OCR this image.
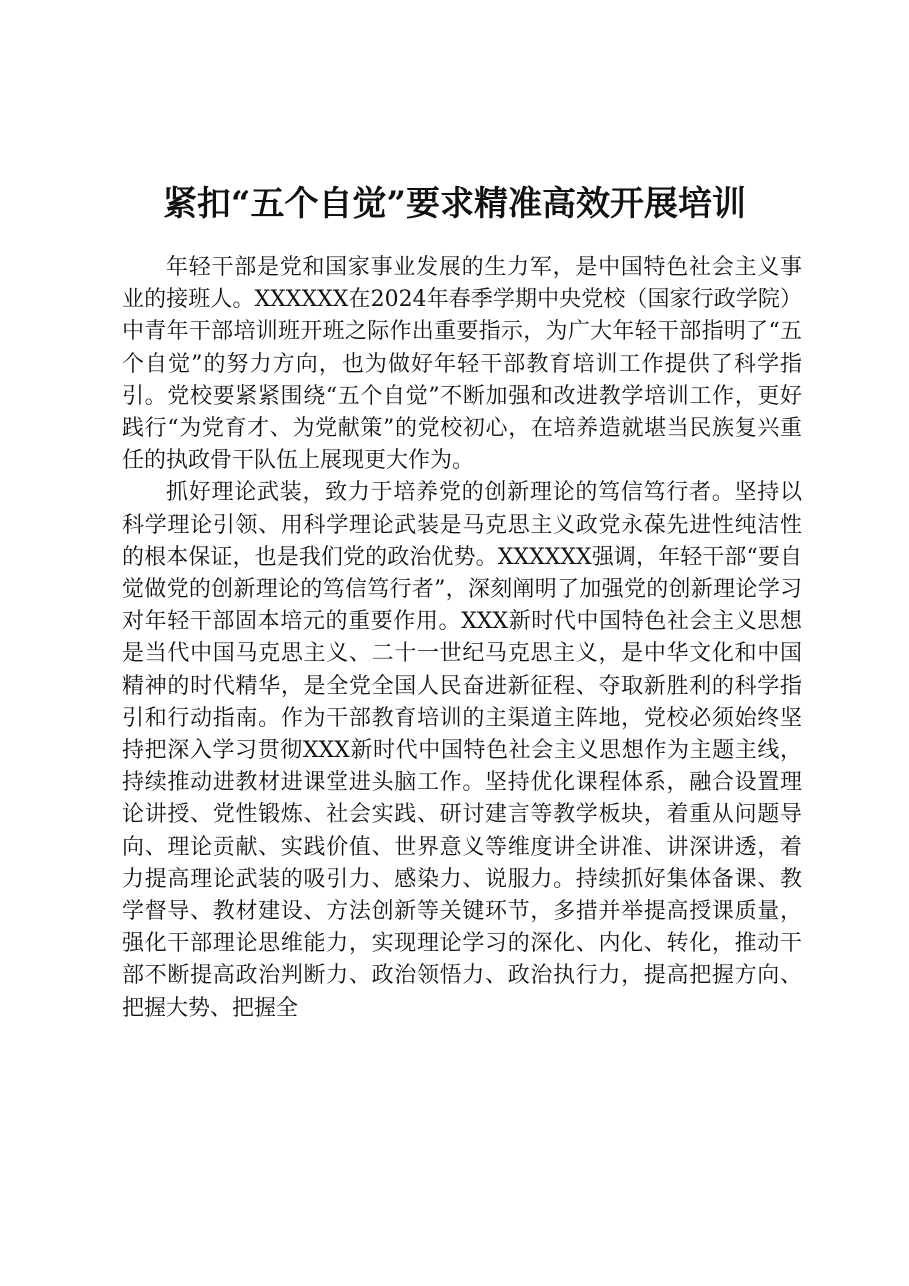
紧扣“五个自觉”要求精准高效开展培训

年轻干部是党和国家事业发展的生力军，是中国特色社会主义事业的接班人。XXXXXX在2024年春季学期中央党校（国家行政学院）中青年干部培训班开班之际作出重要指示，为广大年轻干部指明了“五个自觉”的努力方向，也为做好年轻干部教育培训工作提供了科学指引。党校要紧紧围绕“五个自觉”不断加强和改进教学培训工作，更好践行“为党育才、为党献策”的党校初心，在培养造就堪当民族复兴重任的执政骨干队伍上展现更大作为。

抓好理论武装，致力于培养党的创新理论的笃信笃行者。坚持以科学理论引领、用科学理论武装是马克思主义政党永葆先进性纯洁性的根本保证，也是我们党的政治优势。XXXXXX强调，年轻干部“要自觉做党的创新理论的笃信笃行者”，深刻阐明了加强党的创新理论学习对年轻干部固本培元的重要作用。XXX新时代中国特色社会主义思想是当代中国马克思主义、二十一世纪马克思主义，是中华文化和中国精神的时代精华，是全党全国人民奋进新征程、夺取新胜利的科学指引和行动指南。作为干部教育培训的主渠道主阵地，党校必须始终坚持把深入学习贯彻XXX新时代中国特色社会主义思想作为主题主线，持续推动进教材进课堂进头脑工作。坚持优化课程体系，融合设置理论讲授、党性锻炼、社会实践、研讨建言等教学板块，着重从问题导向、理论贡献、实践价值、世界意义等维度讲全讲准、讲深讲透，着力提高理论武装的吸引力、感染力、说服力。持续抓好集体备课、教学督导、教材建设、方法创新等关键环节，多措并举提高授课质量，强化干部理论思维能力，实现理论学习的深化、内化、转化，推动干部不断提高政治判断力、政治领悟力、政治执行力，提高把握方向、把握大势、把握全
